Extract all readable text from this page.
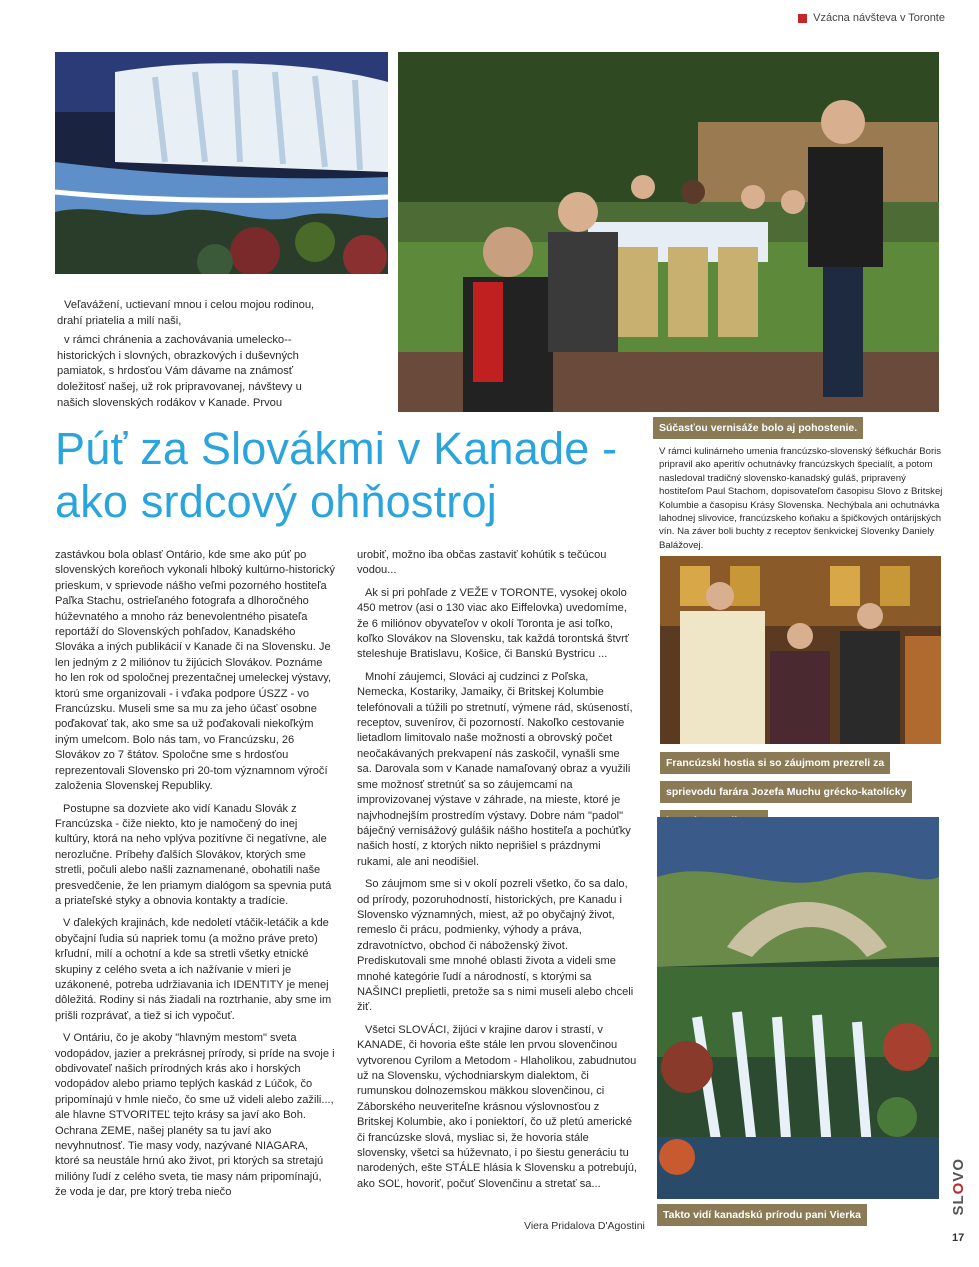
Vzácna návšteva v Toronte

Veľavážení, uctievaní mnou i celou mojou rodinou, drahí priatelia a milí naši,

v rámci chránenia a zachovávania umelecko--historických i slovných, obrazkových i duševných pamiatok, s hrdosťou Vám dávame na známosť doležitosť našej, už rok pripravovanej, návštevy u našich slovenských rodákov v Kanade. Prvou

Púť za Slovákmi v Kanade -
ako srdcový ohňostroj
Súčasťou vernisáže bolo aj pohostenie.
V rámci kulinárneho umenia francúzsko-slovenský šéfkuchár Boris pripravil ako aperitív ochutnávky francúzskych špecialít, a potom nasledoval tradičný slovensko-kanadský guláš, pripravený hostiteľom Paul Stachom, dopisovateľom časopisu Slovo z Britskej Kolumbie a časopisu Krásy Slovenska. Nechýbala ani ochutnávka lahodnej slivovice, francúzskeho koňaku a špičkových ontárijských vín. Na záver boli buchty z receptov šenkvickej Slovenky Daniely Balážovej.

zastávkou bola oblasť Ontário, kde sme ako púť po slovenských koreňoch vykonali hlboký kultúrno-historický prieskum, v sprievode nášho veľmi pozorného hostiteľa Paľka Stachu, ostrieľaného fotografa a dlhoročného húževnatého a mnoho ráz benevolentného pisateľa reportáží do Slovenských pohľadov, Kanadského Slováka a iných publikácií v Kanade či na Slovensku. Je len jedným z 2 miliónov tu žijúcich Slovákov. Poznáme ho len rok od spoločnej prezentačnej umeleckej výstavy, ktorú sme organizovali - i vďaka podpore ÚSZZ - vo Francúzsku. Museli sme sa mu za jeho účasť osobne poďakovať tak, ako sme sa už poďakovali niekoľkým iným umelcom. Bolo nás tam, vo Francúzsku, 26 Slovákov zo 7 štátov. Spoločne sme s hrdosťou reprezentovali Slovensko pri 20-tom významnom výročí založenia Slovenskej Republiky.

Postupne sa dozviete ako vidí Kanadu Slovák z Francúzska - čiže niekto, kto je namočený do inej kultúry, ktorá na neho vplýva pozitívne či negatívne, ale nerozlučne. Príbehy ďalších Slovákov, ktorých sme stretli, počuli alebo našli zaznamenané, obohatili naše presvedčenie, že len priamym dialógom sa spevnia putá a priateľské styky a obnovia kontakty a tradície.

V ďalekých krajinách, kde nedoletí vtáčik-letáčik a kde obyčajní ľudia sú napriek tomu (a možno práve preto) krľudní, milí a ochotní a kde sa stretli všetky etnické skupiny z celého sveta a ich nažívanie v mieri je uzákonené, potreba udržiavania ich IDENTITY je menej dôležitá. Rodiny si nás žiadali na roztrhanie, aby sme im prišli rozprávať, a tiež si ich vypočuť.

V Ontáriu, čo je akoby "hlavným mestom" sveta vodopádov, jazier a prekrásnej prírody, si príde na svoje i obdivovateľ našich prírodných krás ako i horských vodopádov alebo priamo teplých kaskád z Lúčok, čo pripomínajú v hmle niečo, čo sme už videli alebo zažili..., ale hlavne STVORITEĽ tejto krásy sa javí ako Boh. Ochrana ZEME, našej planéty sa tu javí ako nevyhnutnosť. Tie masy vody, nazývané NIAGARA, ktoré sa neustále hrnú ako život, pri ktorých sa stretajú milióny ľudí z celého sveta, tie masy nám pripomínajú, že voda je dar, pre ktorý treba niečo

urobiť, možno iba občas zastaviť kohútik s tečúcou vodou...

Ak si pri pohľade z VEŽE v TORONTE, vysokej okolo 450 metrov (asi o 130 viac ako Eiffelovka) uvedomíme, že 6 miliónov obyvateľov v okolí Toronta je asi toľko, koľko Slovákov na Slovensku, tak každá torontská štvrť steleshuje Bratislavu, Košice, či Banskú Bystricu ...

Mnohí záujemci, Slováci aj cudzinci z Poľska, Nemecka, Kostariky, Jamaiky, či Britskej Kolumbie telefónovali a túžili po stretnutí, výmene rád, skúseností, receptov, suvenírov, či pozorností. Nakoľko cestovanie lietadlom limitovalo naše možnosti a obrovský počet neočakávaných prekvapení nás zaskočil, vynašli sme sa. Darovala som v Kanade namaľovaný obraz a využili sme možnosť stretnúť sa so záujemcami na improvizovanej výstave v záhrade, na mieste, ktoré je najvhodnejším prostredím výstavy. Dobre nám "padol" báječný vernisážový gulášik nášho hostiteľa a pochúťky našich hostí, z ktorých nikto neprišiel s prázdnymi rukami, ale ani neodišiel.

So záujmom sme si v okolí pozreli všetko, čo sa dalo, od prírody, pozoruhodností, historických, pre Kanadu i Slovensko významných, miest, až po obyčajný život, remeslo či prácu, podmienky, výhody a práva, zdravotníctvo, obchod či náboženský život. Prediskutovali sme mnohé oblasti života a videli sme mnohé kategórie ľudí a národností, s ktorými sa NAŠINCI preplietli, pretože sa s nimi museli alebo chceli žiť.

Všetci SLOVÁCI, žijúci v krajine darov i strastí, v KANADE, či hovoria ešte stále len prvou slovenčinou vytvorenou Cyrilom a Metodom - Hlaholikou, zabudnutou už na Slovensku, východniarskym dialektom, či rumunskou dolnozemskou mäkkou slovenčinou, ci Záborského neuveriteľne krásnou výslovnosťou z Britskej Kolumbie, ako i poniektorí, čo už pletú americké či francúzske slová, mysliac si, že hovoria stále slovensky, všetci sa húževnato, i po šiestu generáciu tu narodených, ešte STÁLE hlásia k Slovensku a potrebujú, ako SOĽ, hovoriť, počuť Slovenčinu a stretať sa...

Viera Pridalova D'Agostini
Francúzski hostia si so záujmom prezreli za
sprievodu farára Jozefa Muchu grécko-katolícky

Takto vidí kanadskú prírodu pani Vierka	SLOVO
17
